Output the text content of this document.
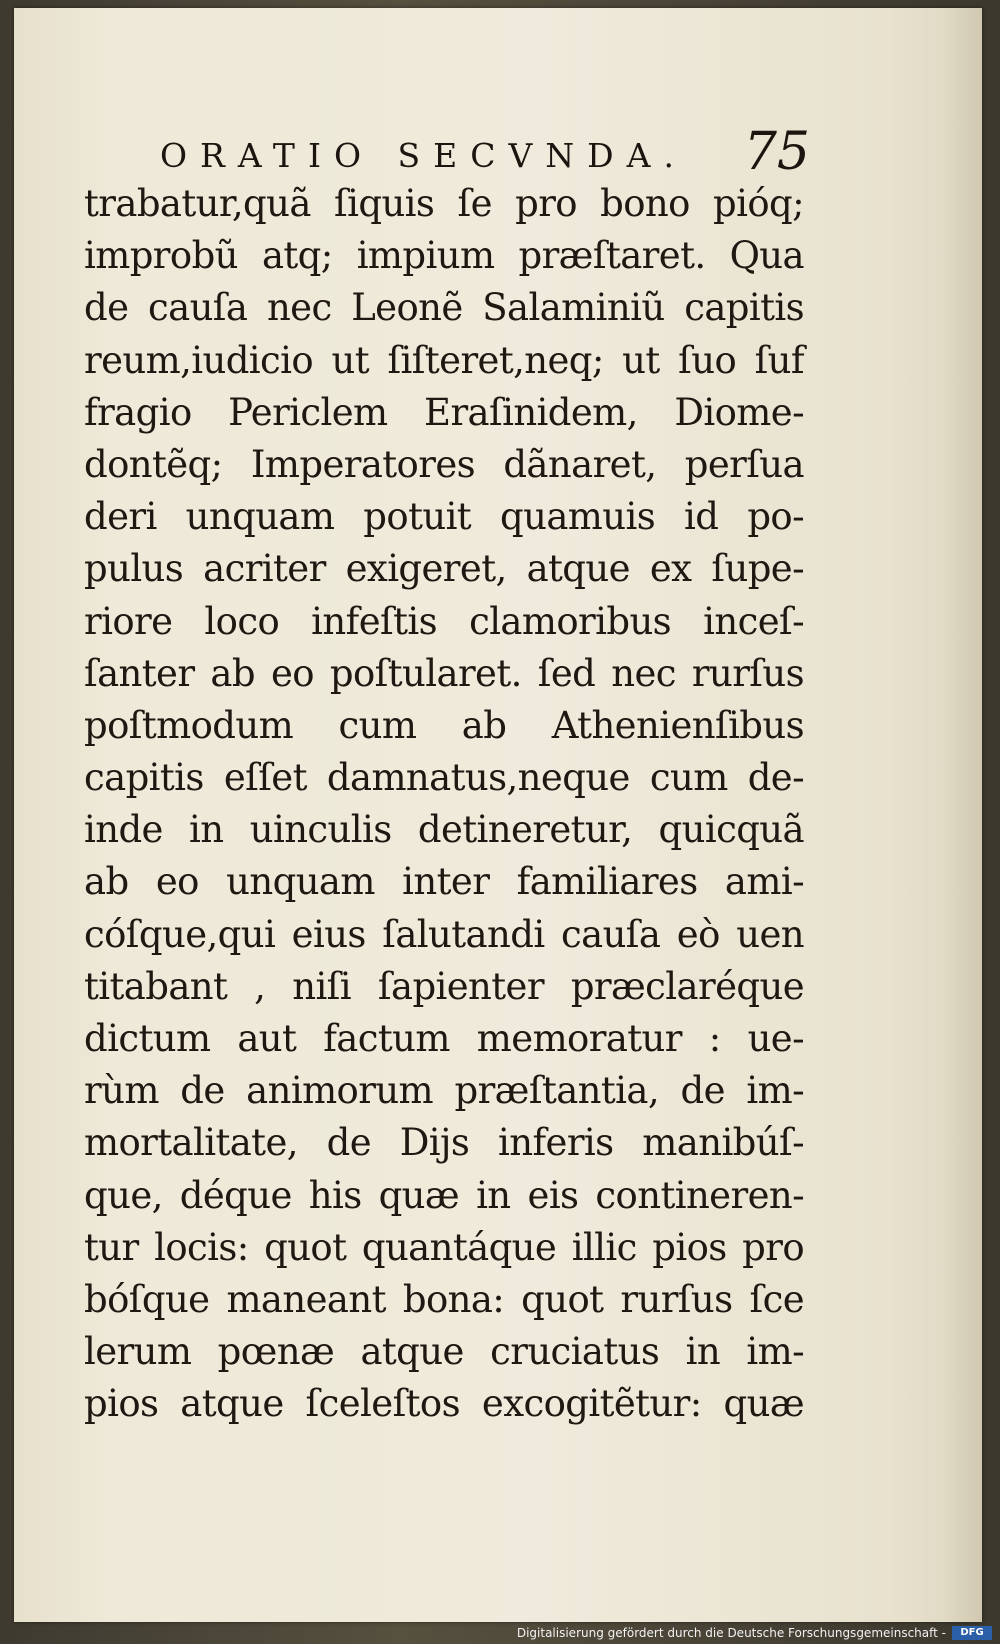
ORATIO SECVNDA. 75
trabatur,quã ſiquis ſe pro bono pióq;
improbũ atq; impium præſtaret. Qua
de cauſa nec Leonẽ Salaminiũ capitis
reum,iudicio ut ſiſteret,neq; ut ſuo ſuf
fragio Periclem Eraſinidem, Diome-
dontẽq; Imperatores dãnaret, perſua
deri unquam potuit quamuis id po-
pulus acriter exigeret, atque ex ſupe-
riore loco infeſtis clamoribus inceſ-
ſanter ab eo poſtularet. ſed nec rurſus
poſtmodum cum ab Athenienſibus
capitis eſſet damnatus,neque cum de-
inde in uinculis detineretur, quicquã
ab eo unquam inter familiares ami-
cóſque,qui eius ſalutandi cauſa eò uen
titabant , niſi ſapienter præclaréque
dictum aut factum memoratur : ue-
rùm de animorum præſtantia, de im-
mortalitate, de Dijs inferis manibúſ-
que, déque his quæ in eis contineren-
tur locis: quot quantáque illic pios pro
bóſque maneant bona: quot rurſus ſce
lerum pœnæ atque cruciatus in im-
pios atque ſceleſtos excogitẽtur: quæ
Digitalisierung gefördert durch die Deutsche Forschungsgemeinschaft -	DFG
